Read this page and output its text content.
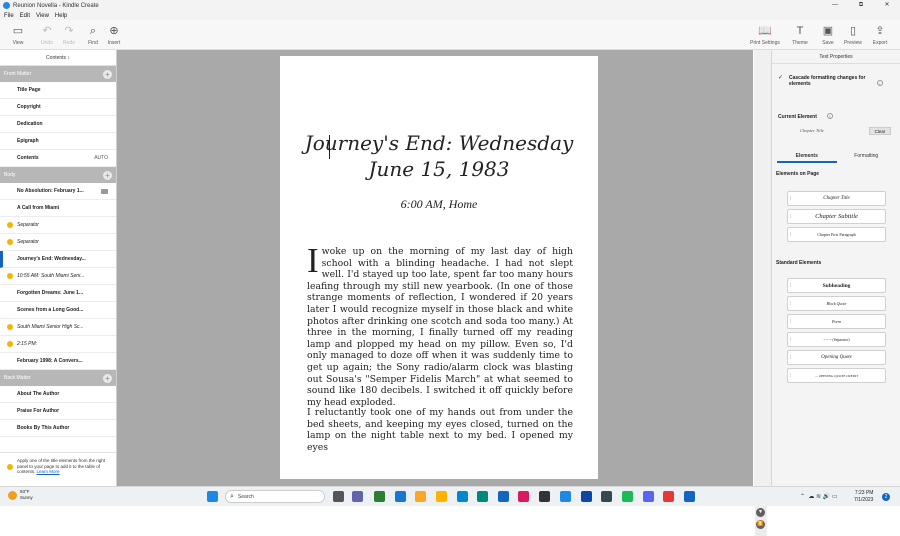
Reunion Novella - Kindle Create	—	⧉	✕
File Edit View Help
▭
View
↶
Undo
↷
Redo
⌕
Find
⊕
Insert
📖
Print Settings
T
Theme
▣
Save
▯
Preview
⇪
Export
Contents
↕
Front Matter	+
Title Page
Copyright
Dedication
Epigraph
Contents	AUTO
Body	+
No Absolution: February 1...
A Call from Miami
Separator
Separator
Journey's End: Wednesday...
10:55 AM: South Miami Seni...
Forgotten Dreams: June 1...
Scenes from a Long Good...
South Miami Senior High Sc...
2:15 PM:
February 1998: A Convers...
Back Matter	+
About The Author
Praise For Author
Books By This Author
Apply one of the title elements from the right panel to your page to add it to the table of contents. Learn More
Journey's End: Wednesday
June 15, 1983
6:00 AM, Home
I woke up on the morning of my last day of high school with a blinding headache. I had not slept well. I'd stayed up too late, spent far too many hours leafing through my still new yearbook. (In one of those strange moments of reflection, I wondered if 20 years later I would recognize myself in those black and white photos after drinking one scotch and soda too many.) At three in the morning, I finally turned off my reading lamp and plopped my head on my pillow. Even so, I'd only managed to doze off when it was suddenly time to get up again; the Sony radio/alarm clock was blasting out Sousa's "Semper Fidelis March" at what seemed to sound like 180 decibels. I switched it off quickly before my head exploded.
I reluctantly took one of my hands out from under the bed sheets, and keeping my eyes closed, turned on the lamp on the night table next to my bed. I opened my eyes
▼
⏬
Text Properties
✓ Cascade formatting changes for elements	i
Current Element	i
Chapter Title	Clear
Elements	Formatting
Elements on Page
⁞	Chapter Title
⁞	Chapter Subtitle
⁞	Chapter First Paragraph
Standard Elements
⁞	Subheading
⁞	Block Quote
⁞	Poem
⁞	~ ~ ~ (Separator)
⁞	Opening Quote
⁞	— OPENING QUOTE CREDIT
93°F
Sunny	⌕ Search	⌃
☁
≋
🔊
▭
7:23 PM
7/1/2023	2
